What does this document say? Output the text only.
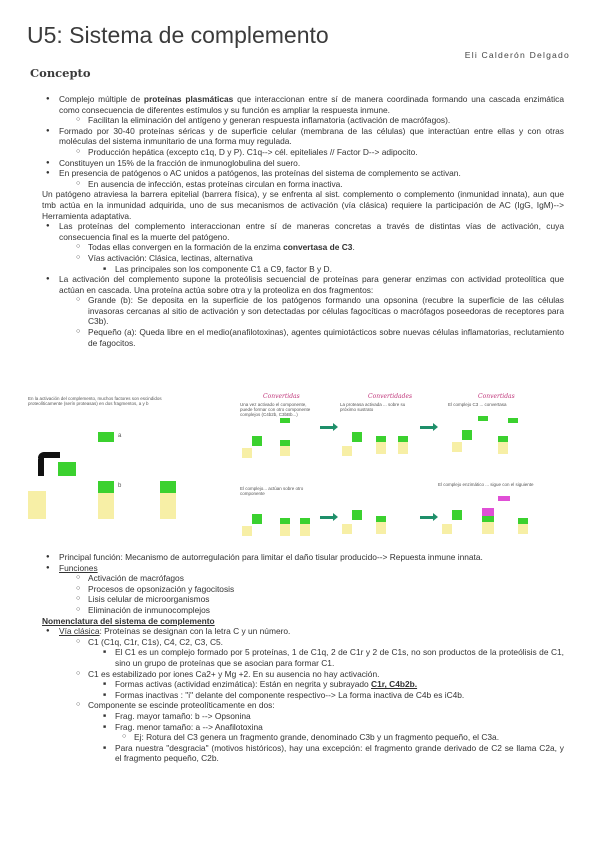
U5: Sistema de complemento
Eli Calderón Delgado
Concepto
● Complejo múltiple de proteínas plasmáticas que interaccionan entre sí de manera coordinada formando una cascada enzimática como consecuencia de diferentes estímulos y su función es ampliar la respuesta inmune.
○ Facilitan la eliminación del antígeno y generan respuesta inflamatoria (activación de macrófagos).
● Formado por 30-40 proteínas séricas y de superficie celular (membrana de las células) que interactúan entre ellas y con otras moléculas del sistema inmunitario de una forma muy regulada.
○ Producción hepática (excepto c1q, D y P). C1q--> cél. epiteliales // Factor D--> adipocito.
● Constituyen un 15% de la fracción de inmunoglobulina del suero.
● En presencia de patógenos o AC unidos a patógenos, las proteínas del sistema de complemento se activan.
○ En ausencia de infección, estas proteínas circulan en forma inactiva.
Un patógeno atraviesa la barrera epitelial (barrera física), y se enfrenta al sist. complemento o complemento (inmunidad innata), aun que tmb actúa en la inmunidad adquirida, uno de sus mecanismos de activación (vía clásica) requiere la participación de AC (IgG, IgM)--> Herramienta adaptativa.
● Las proteínas del complemento interaccionan entre sí de maneras concretas a través de distintas vías de activación, cuya consecuencia final es la muerte del patógeno.
○ Todas ellas convergen en la formación de la enzima convertasa de C3.
○ Vías activación: Clásica, lectinas, alternativa
■ Las principales son los componente C1 a C9, factor B y D.
● La activación del complemento supone la proteólisis secuencial de proteínas para generar enzimas con actividad proteolítica que actúan en cascada. Una proteína actúa sobre otra y la proteoliza en dos fragmentos:
○ Grande (b): Se deposita en la superficie de los patógenos formando una opsonina (recubre la superficie de las células invasoras cercanas al sitio de activación y son detectadas por células fagocíticas o macrófagos poseedoras de receptores para C3b).
○ Pequeño (a): Queda libre en el medio(anafilotoxinas), agentes quimiotácticos sobre nuevas células inflamatorias, reclutamiento de fagocitos.
En la activación del complemento, muchos factores son escindidos proteolíticamente (serín proteasas) en dos fragmentos, a y b
a
b
Convertidas	Convertidades	Convertidas
Una vez activado el componente, puede formar con otro componente complejos (C4b2b, C3bBb...)
La proteasa activada ... sobre su próximo sustrato
El complejo C3 ... convertasa
El complejo... actúan sobre otro componente
El complejo enzimático ... sigue con el siguiente
● Principal función: Mecanismo de autorregulación para limitar el daño tisular producido--> Repuesta inmune innata.
● Funciones
○ Activación de macrófagos
○ Procesos de opsonización y fagocitosis
○ Lisis celular de microorganismos
○ Eliminación de inmunocomplejos
Nomenclatura del sistema de complemento
● Vía clásica: Proteínas se designan con la letra C y un número.
○ C1 (C1q, C1r, C1s), C4, C2, C3, C5.
■ El C1 es un complejo formado por 5 proteínas, 1 de C1q, 2 de C1r y 2 de C1s, no son productos de la proteólisis de C1, sino un grupo de proteínas que se asocian para formar C1.
○ C1 es estabilizado por iones Ca2+ y Mg +2. En su ausencia no hay activación.
■ Formas activas (actividad enzimática): Están en negrita y subrayado C1r, C4b2b.
■ Formas inactivas : "i" delante del componente respectivo--> La forma inactiva de C4b es iC4b.
○ Componente se escinde proteolíticamente en dos:
■ Frag. mayor tamaño: b --> Opsonina
■ Frag. menor tamaño: a --> Anafilotoxina
○ Ej: Rotura del C3 genera un fragmento grande, denominado C3b y un fragmento pequeño, el C3a.
■ Para nuestra "desgracia" (motivos históricos), hay una excepción: el fragmento grande derivado de C2 se llama C2a, y el fragmento pequeño, C2b.
